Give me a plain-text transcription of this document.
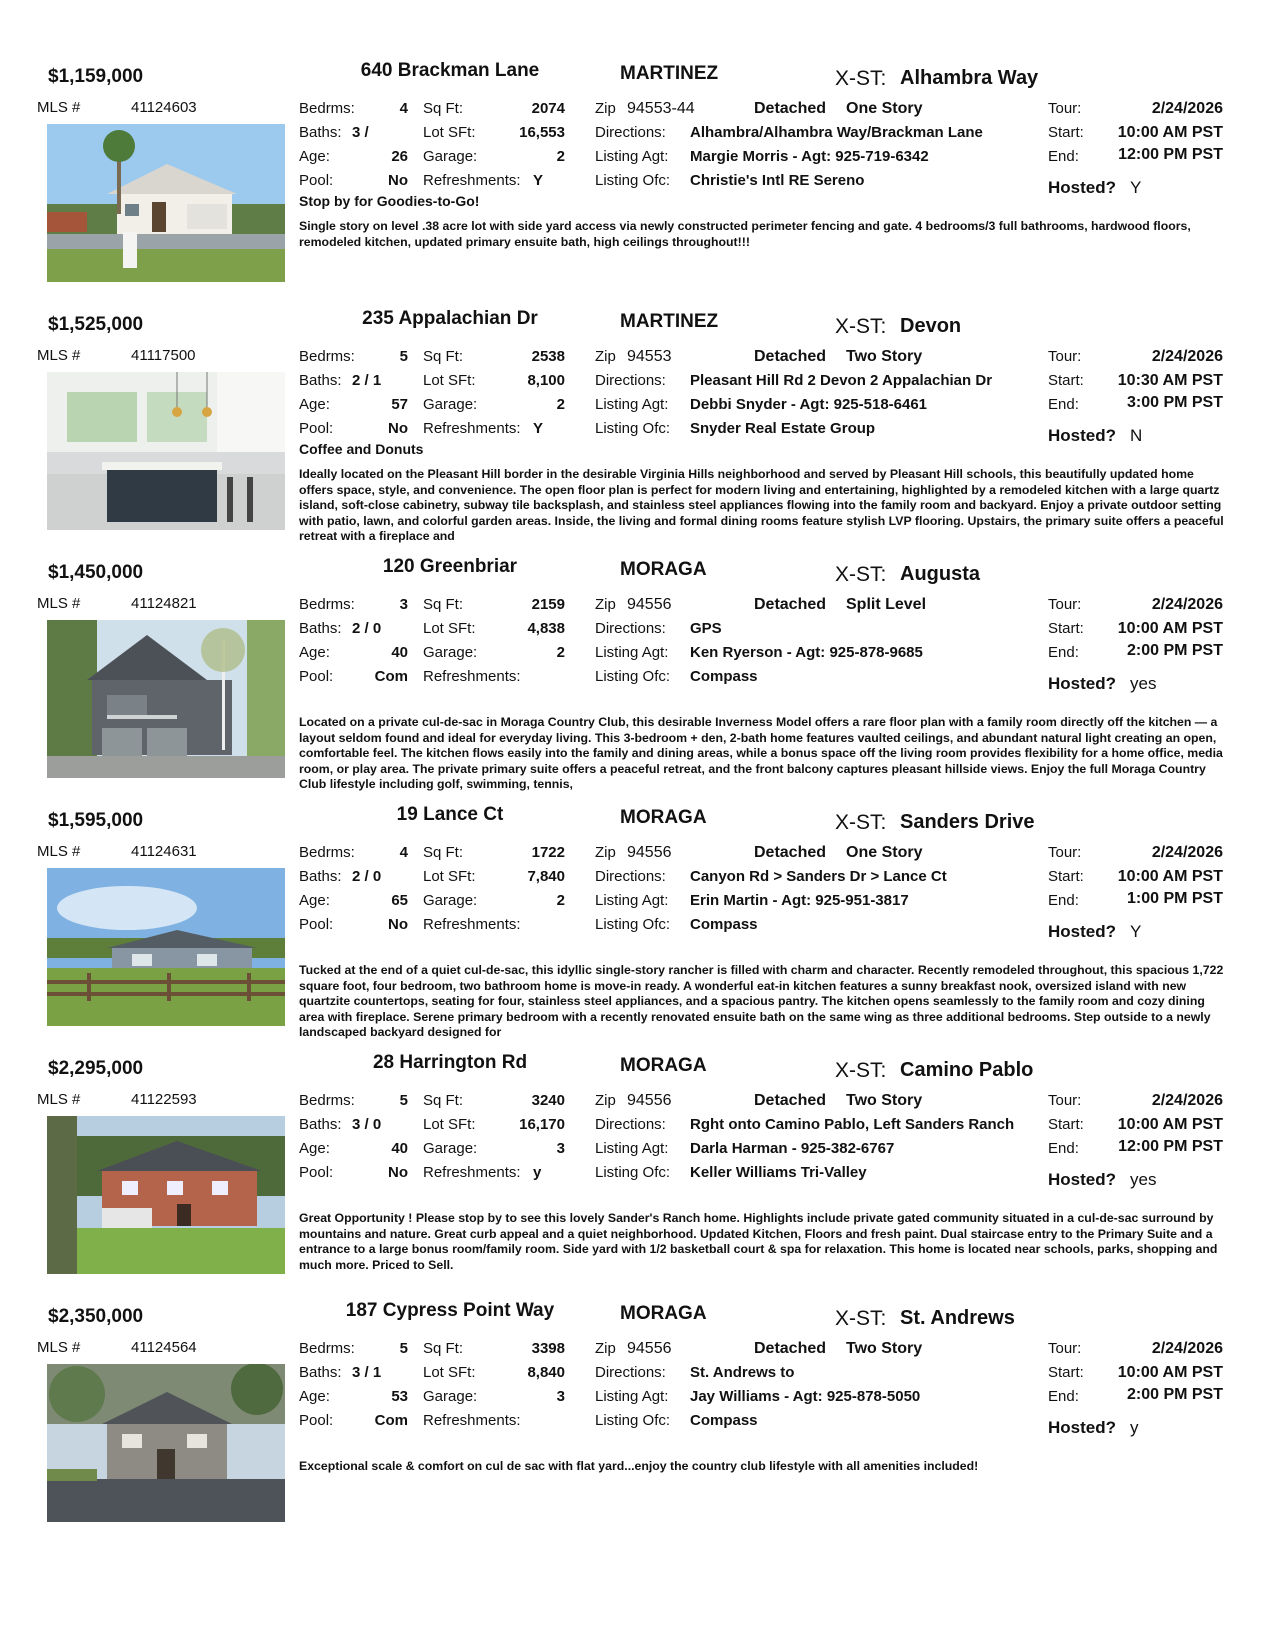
$1,159,000	640 Brackman Lane	MARTINEZ	X-ST: Alhambra Way
MLS #	41124603	Bedrms:	4
Baths: 3 /
Age:	26
Pool:	No
Sq Ft:	2074
Lot SFt:	16,553
Garage:	2
Refreshments: Y
Zip 94553-44	Detached One Story
Directions: Alhambra/Alhambra Way/Brackman Lane
Listing Agt: Margie Morris - Agt: 925-719-6342
Listing Ofc: Christie's Intl RE Sereno
Tour:	2/24/2026
Start: 10:00 AM PST
End: 12:00 PM PST
Hosted? Y
Stop by for Goodies-to-Go!
Single story on level .38 acre lot with side yard access via newly constructed perimeter fencing and gate. 4 bedrooms/3 full bathrooms, hardwood floors, remodeled kitchen, updated primary ensuite bath, high ceilings throughout!!!
$1,525,000	235 Appalachian Dr	MARTINEZ	X-ST: Devon
MLS #	41117500	Bedrms:	5
Baths: 2 / 1
Age:	57
Pool:	No
Sq Ft:	2538
Lot SFt:	8,100
Garage:	2
Refreshments: Y
Zip 94553	Detached Two Story
Directions: Pleasant Hill Rd 2 Devon 2 Appalachian Dr
Listing Agt: Debbi Snyder - Agt: 925-518-6461
Listing Ofc: Snyder Real Estate Group
Tour:	2/24/2026
Start: 10:30 AM PST
End:	3:00 PM PST
Hosted? N
Coffee and Donuts
Ideally located on the Pleasant Hill border in the desirable Virginia Hills neighborhood and served by Pleasant Hill schools, this beautifully updated home offers space, style, and convenience. The open floor plan is perfect for modern living and entertaining, highlighted by a remodeled kitchen with a large quartz island, soft-close cabinetry, subway tile backsplash, and stainless steel appliances flowing into the family room and backyard. Enjoy a private outdoor setting with patio, lawn, and colorful garden areas. Inside, the living and formal dining rooms feature stylish LVP flooring. Upstairs, the primary suite offers a peaceful retreat with a fireplace and
$1,450,000	120 Greenbriar	MORAGA	X-ST: Augusta
MLS #	41124821	Bedrms:	3
Baths: 2 / 0
Age:	40
Pool:	Com
Sq Ft:	2159
Lot SFt:	4,838
Garage:	2
Refreshments:
Zip 94556	Detached Split Level
Directions: GPS
Listing Agt: Ken Ryerson - Agt: 925-878-9685
Listing Ofc: Compass
Tour:	2/24/2026
Start: 10:00 AM PST
End:	2:00 PM PST
Hosted? yes
Located on a private cul-de-sac in Moraga Country Club, this desirable Inverness Model offers a rare floor plan with a family room directly off the kitchen — a layout seldom found and ideal for everyday living. This 3-bedroom + den, 2-bath home features vaulted ceilings, and abundant natural light creating an open, comfortable feel. The kitchen flows easily into the family and dining areas, while a bonus space off the living room provides flexibility for a home office, media room, or play area. The private primary suite offers a peaceful retreat, and the front balcony captures pleasant hillside views. Enjoy the full Moraga Country Club lifestyle including golf, swimming, tennis,
$1,595,000	19 Lance Ct	MORAGA	X-ST: Sanders Drive
MLS #	41124631	Bedrms:	4
Baths: 2 / 0
Age:	65
Pool:	No
Sq Ft:	1722
Lot SFt:	7,840
Garage:	2
Refreshments:
Zip 94556	Detached One Story
Directions: Canyon Rd > Sanders Dr > Lance Ct
Listing Agt: Erin Martin - Agt: 925-951-3817
Listing Ofc: Compass
Tour:	2/24/2026
Start: 10:00 AM PST
End:	1:00 PM PST
Hosted? Y
Tucked at the end of a quiet cul-de-sac, this idyllic single-story rancher is filled with charm and character. Recently remodeled throughout, this spacious 1,722 square foot, four bedroom, two bathroom home is move-in ready. A wonderful eat-in kitchen features a sunny breakfast nook, oversized island with new quartzite countertops, seating for four, stainless steel appliances, and a spacious pantry. The kitchen opens seamlessly to the family room and cozy dining area with fireplace. Serene primary bedroom with a recently renovated ensuite bath on the same wing as three additional bedrooms. Step outside to a newly landscaped backyard designed for
$2,295,000	28 Harrington Rd	MORAGA	X-ST: Camino Pablo
MLS #	41122593	Bedrms:	5
Baths: 3 / 0
Age:	40
Pool:	No
Sq Ft:	3240
Lot SFt:	16,170
Garage:	3
Refreshments: y
Zip 94556	Detached Two Story
Directions: Rght onto Camino Pablo, Left Sanders Ranch
Listing Agt: Darla Harman - 925-382-6767
Listing Ofc: Keller Williams Tri-Valley
Tour:	2/24/2026
Start: 10:00 AM PST
End: 12:00 PM PST
Hosted? yes
Great Opportunity ! Please stop by to see this lovely Sander's Ranch home. Highlights include private gated community situated in a cul-de-sac surround by mountains and nature. Great curb appeal and a quiet neighborhood. Updated Kitchen, Floors and fresh paint. Dual staircase entry to the Primary Suite and a entrance to a large bonus room/family room. Side yard with 1/2 basketball court & spa for relaxation. This home is located near schools, parks, shopping and much more. Priced to Sell.
$2,350,000	187 Cypress Point Way	MORAGA	X-ST: St. Andrews
MLS #	41124564	Bedrms:	5
Baths: 3 / 1
Age:	53
Pool:	Com
Sq Ft:	3398
Lot SFt:	8,840
Garage:	3
Refreshments:
Zip 94556	Detached Two Story
Directions: St. Andrews to
Listing Agt: Jay Williams - Agt: 925-878-5050
Listing Ofc: Compass
Tour:	2/24/2026
Start: 10:00 AM PST
End:	2:00 PM PST
Hosted? y
Exceptional scale & comfort on cul de sac with flat yard...enjoy the country club lifestyle with all amenities included!
